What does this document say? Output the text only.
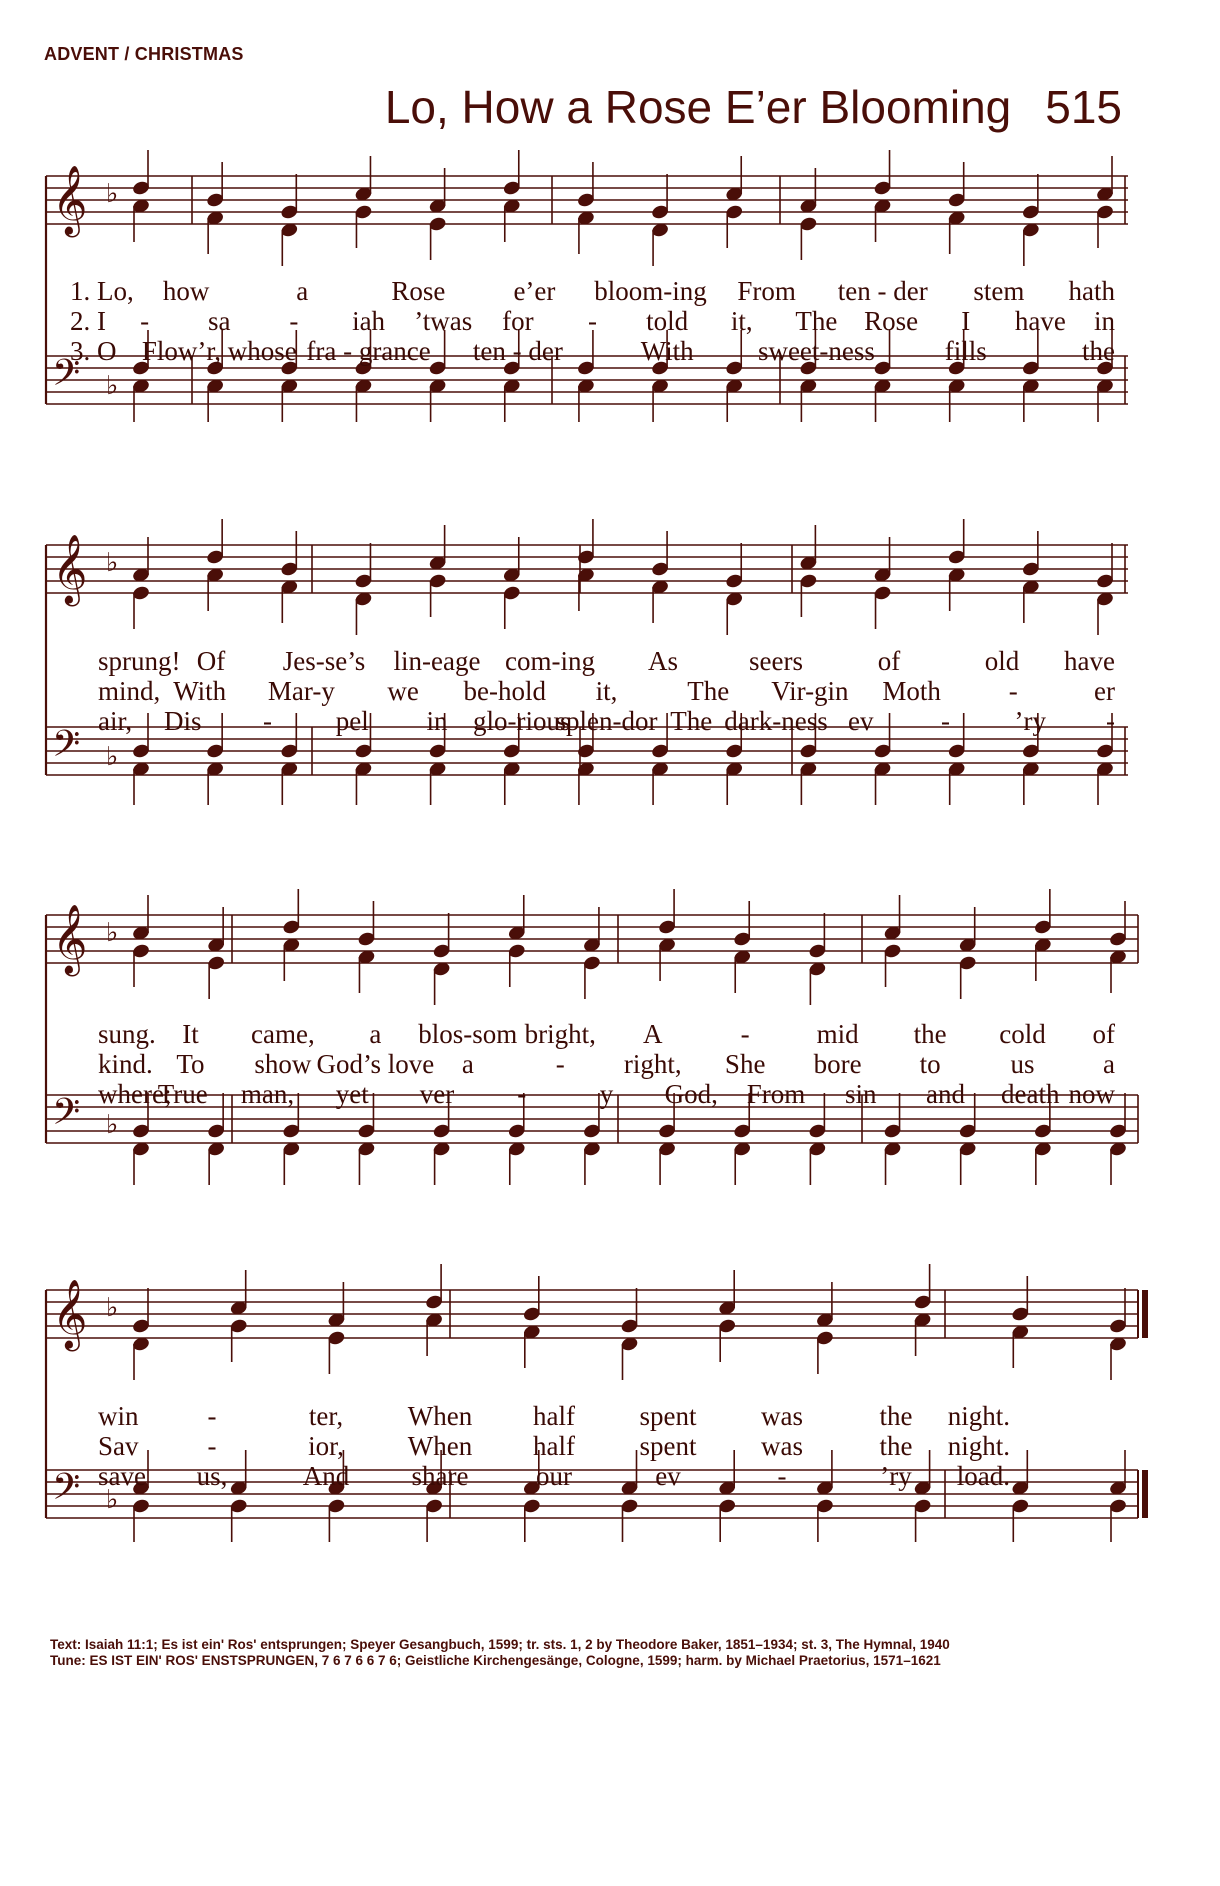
ADVENT / CHRISTMAS
Lo, How a Rose E’er Blooming 515
𝄞
𝄢
♭
♭
𝄞
𝄢
♭
♭
𝄞
𝄢
♭
♭
𝄞
𝄢
♭
♭
1. Lo, how	a	Rose	e’er bloom-ing From ten - der stem hath
2. I - sa - iah ’twas for - told it, The Rose I have in
3. O Flow’r, whose fra - grance ten - der	With sweet-ness	fills	the
sprung! Of Jes-se’s lin-eage com-ing As	seers	of	old have
mind, With Mar-y we be-hold it,	The Vir-gin Moth	-	er
air, Dis - pel in glo-rious
splen-dor The dark-ness ev	- ’ry -
sung. It came, a blos-som bright, A	- mid the cold of
kind. To show God’s love a	- right, She bore to	us	a
where;
True man, yet ver -	y God, From sin and death now
win	-	ter, When half spent was	the night.
Sav	-	ior, When half spent was	the night.
save us,	And share	our	ev	-	’ry load.
Text: Isaiah 11:1; Es ist ein' Ros' entsprungen; Speyer Gesangbuch, 1599; tr. sts. 1, 2 by Theodore Baker, 1851–1934; st. 3, The Hymnal, 1940
Tune: ES IST EIN' ROS' ENSTSPRUNGEN, 7 6 7 6 6 7 6; Geistliche Kirchengesänge, Cologne, 1599; harm. by Michael Praetorius, 1571–1621
